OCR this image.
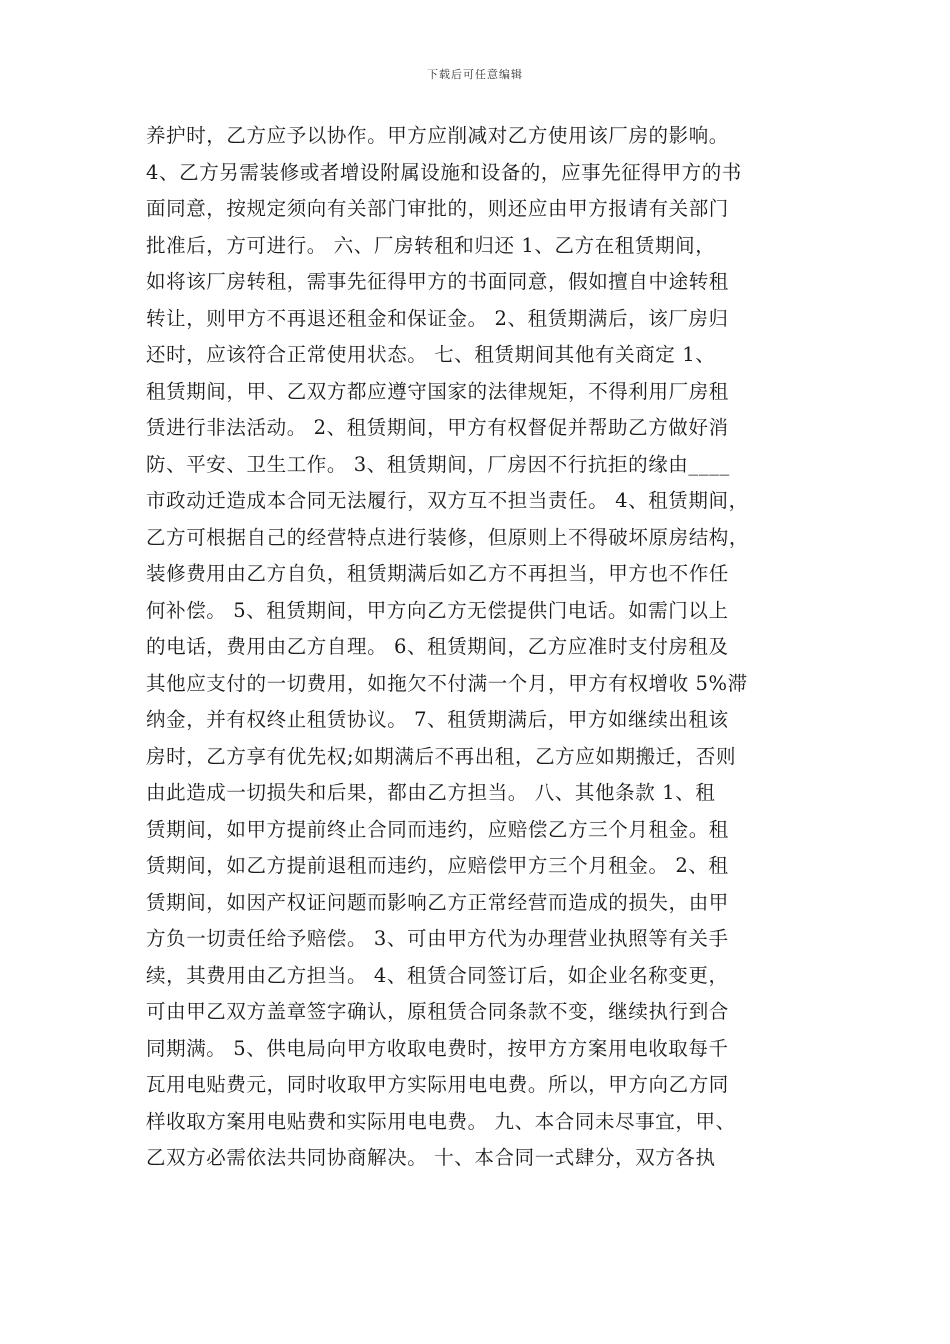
下载后可任意编辑
养护时，乙方应予以协作。甲方应削减对乙方使用该厂房的影响。
4、乙方另需装修或者增设附属设施和设备的，应事先征得甲方的书
面同意，按规定须向有关部门审批的，则还应由甲方报请有关部门
批准后，方可进行。 六、厂房转租和归还 1、乙方在租赁期间，
如将该厂房转租，需事先征得甲方的书面同意，假如擅自中途转租
转让，则甲方不再退还租金和保证金。 2、租赁期满后，该厂房归
还时，应该符合正常使用状态。 七、租赁期间其他有关商定 1、
租赁期间，甲、乙双方都应遵守国家的法律规矩，不得利用厂房租
赁进行非法活动。 2、租赁期间，甲方有权督促并帮助乙方做好消
防、平安、卫生工作。 3、租赁期间，厂房因不行抗拒的缘由____
市政动迁造成本合同无法履行，双方互不担当责任。 4、租赁期间，
乙方可根据自己的经营特点进行装修，但原则上不得破坏原房结构，
装修费用由乙方自负，租赁期满后如乙方不再担当，甲方也不作任
何补偿。 5、租赁期间，甲方向乙方无偿提供门电话。如需门以上
的电话，费用由乙方自理。 6、租赁期间，乙方应准时支付房租及
其他应支付的一切费用，如拖欠不付满一个月，甲方有权增收 5%滞
纳金，并有权终止租赁协议。 7、租赁期满后，甲方如继续出租该
房时，乙方享有优先权;如期满后不再出租，乙方应如期搬迁，否则
由此造成一切损失和后果，都由乙方担当。 八、其他条款 1、租
赁期间，如甲方提前终止合同而违约，应赔偿乙方三个月租金。租
赁期间，如乙方提前退租而违约，应赔偿甲方三个月租金。 2、租
赁期间，如因产权证问题而影响乙方正常经营而造成的损失，由甲
方负一切责任给予赔偿。 3、可由甲方代为办理营业执照等有关手
续，其费用由乙方担当。 4、租赁合同签订后，如企业名称变更，
可由甲乙双方盖章签字确认，原租赁合同条款不变，继续执行到合
同期满。 5、供电局向甲方收取电费时，按甲方方案用电收取每千
瓦用电贴费元，同时收取甲方实际用电电费。所以，甲方向乙方同
样收取方案用电贴费和实际用电电费。 九、本合同未尽事宜，甲、
乙双方必需依法共同协商解决。 十、本合同一式肆分，双方各执
